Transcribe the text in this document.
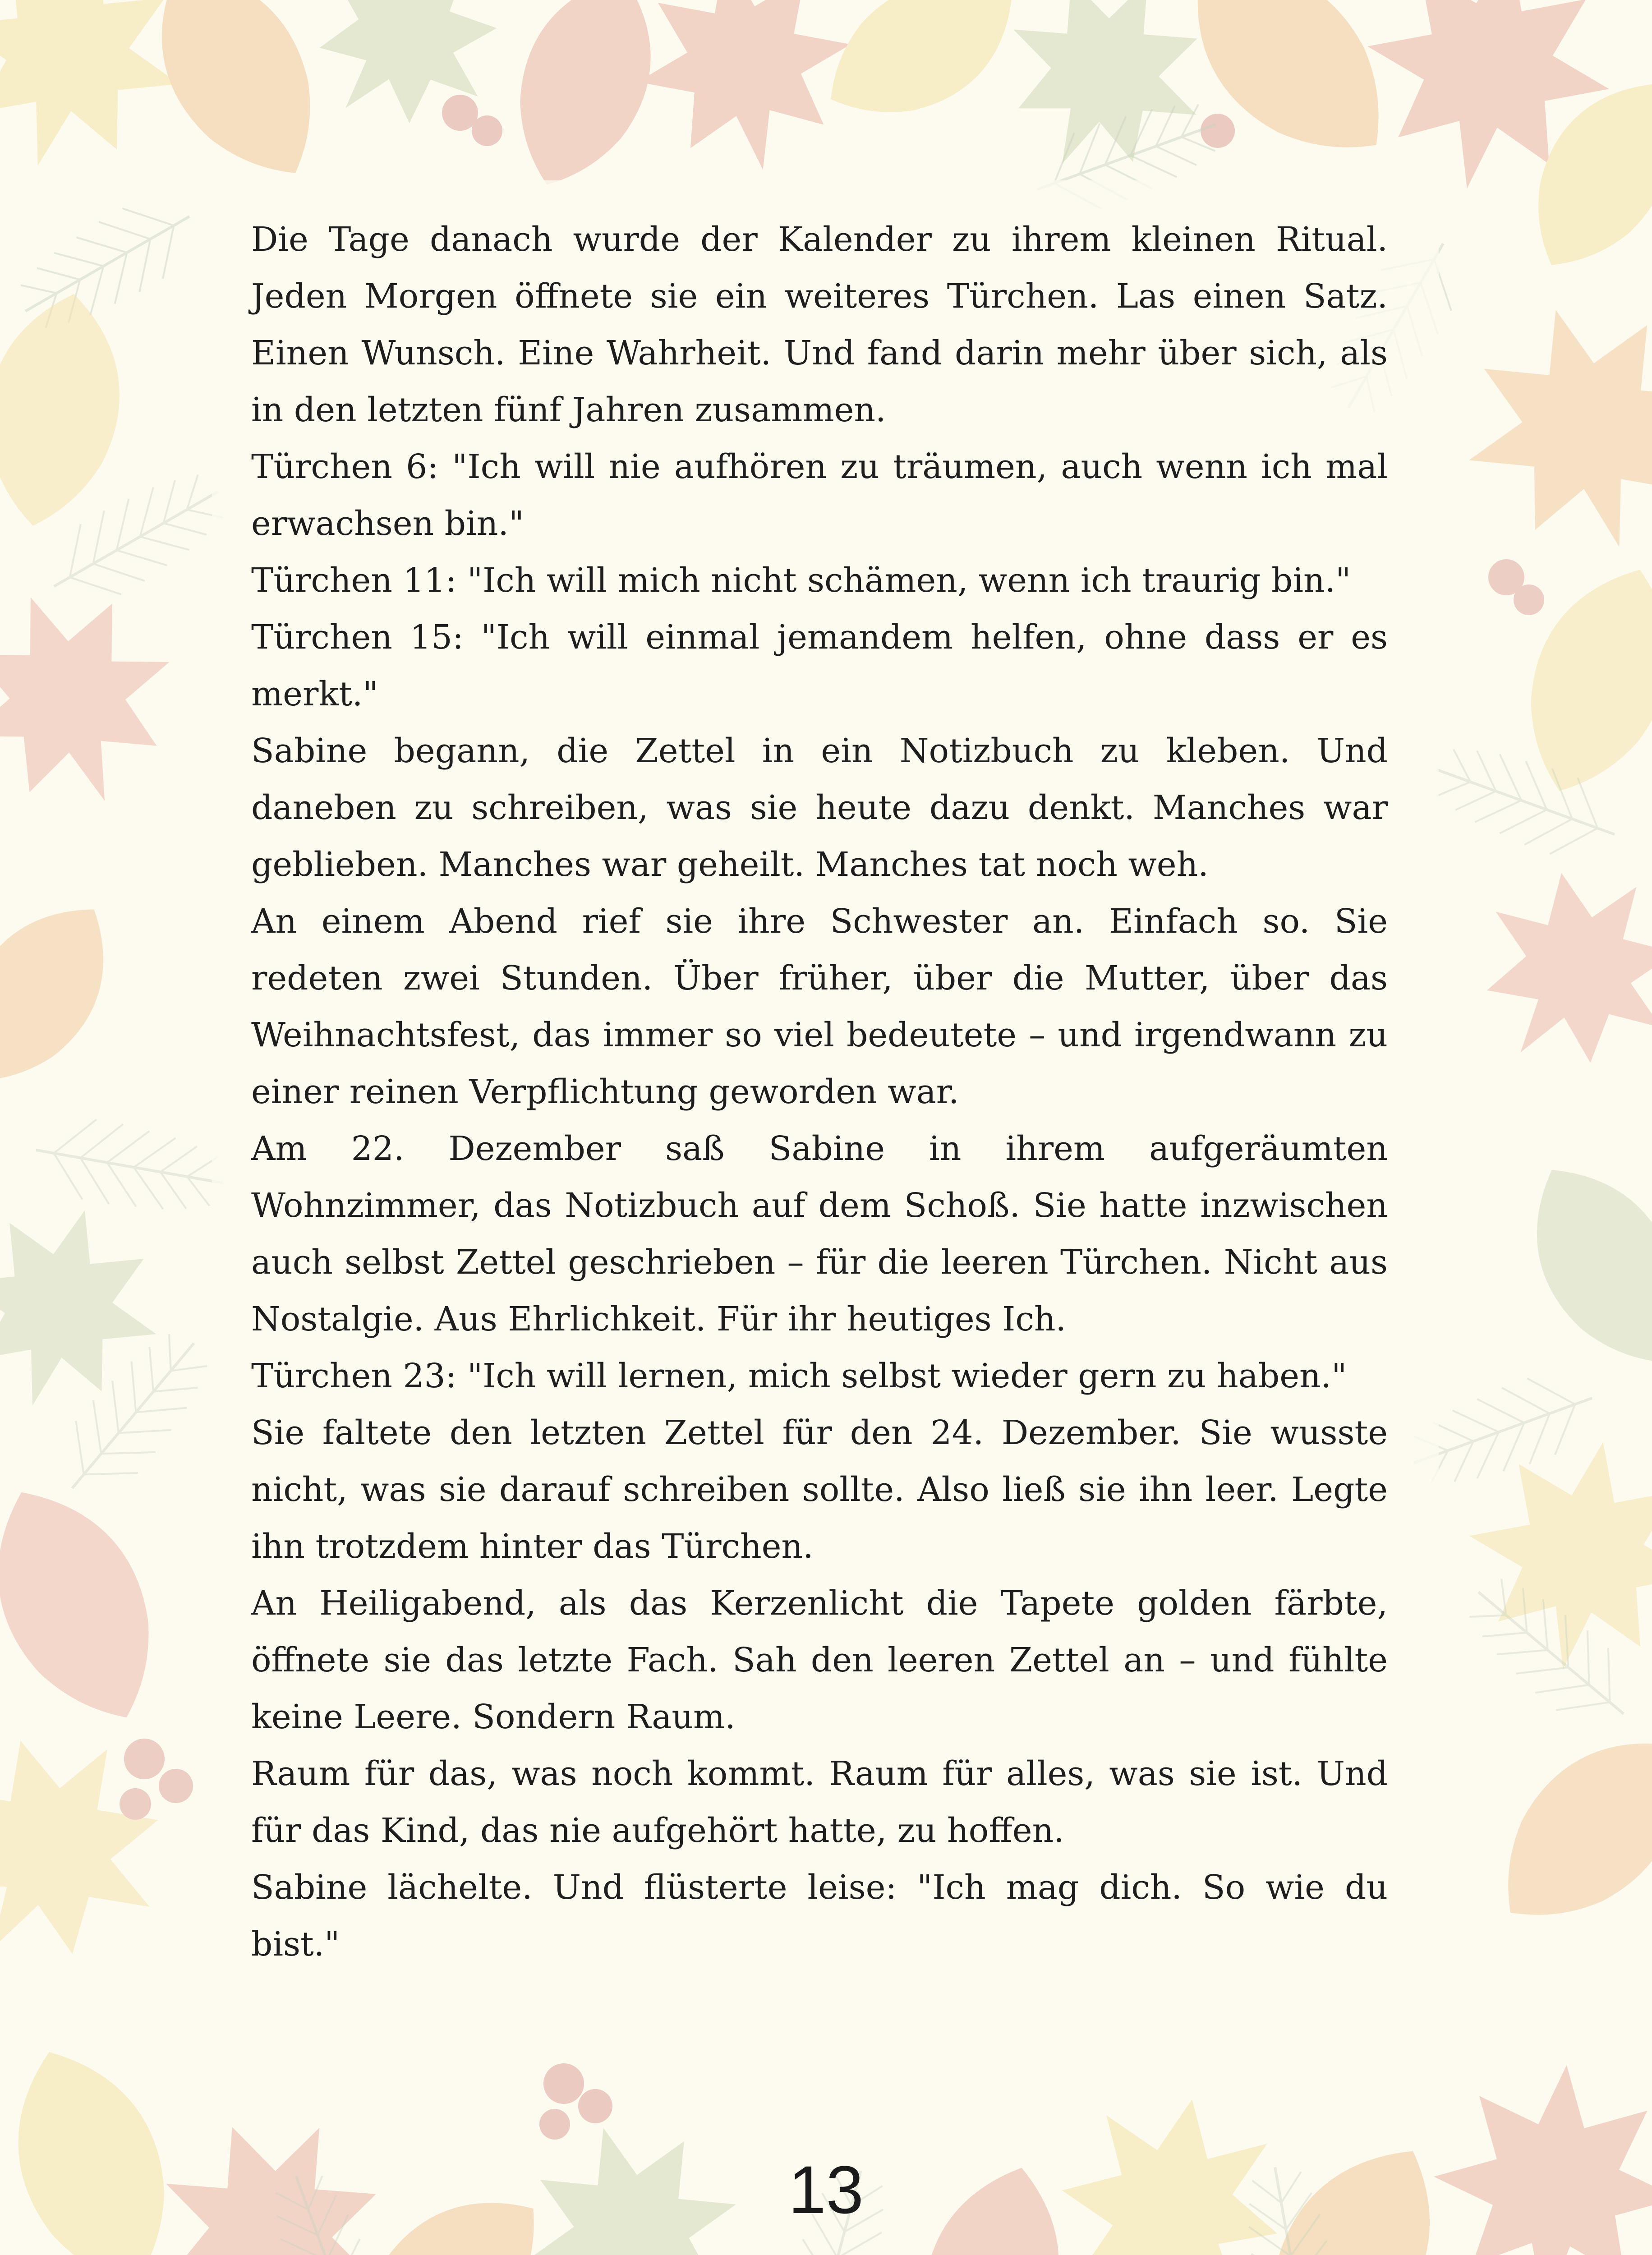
Die Tage danach wurde der Kalender zu ihrem kleinen Ritual. Jeden Morgen öffnete sie ein weiteres Türchen. Las einen Satz. Einen Wunsch. Eine Wahrheit. Und fand darin mehr über sich, als in den letzten fünf Jahren zusammen.

Türchen 6: "Ich will nie aufhören zu träumen, auch wenn ich mal erwachsen bin."

Türchen 11: "Ich will mich nicht schämen, wenn ich traurig bin."

Türchen 15: "Ich will einmal jemandem helfen, ohne dass er es merkt."

Sabine begann, die Zettel in ein Notizbuch zu kleben. Und daneben zu schreiben, was sie heute dazu denkt. Manches war geblieben. Manches war geheilt. Manches tat noch weh.

An einem Abend rief sie ihre Schwester an. Einfach so. Sie redeten zwei Stunden. Über früher, über die Mutter, über das Weihnachtsfest, das immer so viel bedeutete – und irgendwann zu einer reinen Verpflichtung geworden war.

Am 22. Dezember saß Sabine in ihrem aufgeräumten Wohnzimmer, das Notizbuch auf dem Schoß. Sie hatte inzwischen auch selbst Zettel geschrieben – für die leeren Türchen. Nicht aus Nostalgie. Aus Ehrlichkeit. Für ihr heutiges Ich.

Türchen 23: "Ich will lernen, mich selbst wieder gern zu haben."

Sie faltete den letzten Zettel für den 24. Dezember. Sie wusste nicht, was sie darauf schreiben sollte. Also ließ sie ihn leer. Legte ihn trotzdem hinter das Türchen.

An Heiligabend, als das Kerzenlicht die Tapete golden färbte, öffnete sie das letzte Fach. Sah den leeren Zettel an – und fühlte keine Leere. Sondern Raum.

Raum für das, was noch kommt. Raum für alles, was sie ist. Und für das Kind, das nie aufgehört hatte, zu hoffen.

Sabine lächelte. Und flüsterte leise: "Ich mag dich. So wie du bist."

13
